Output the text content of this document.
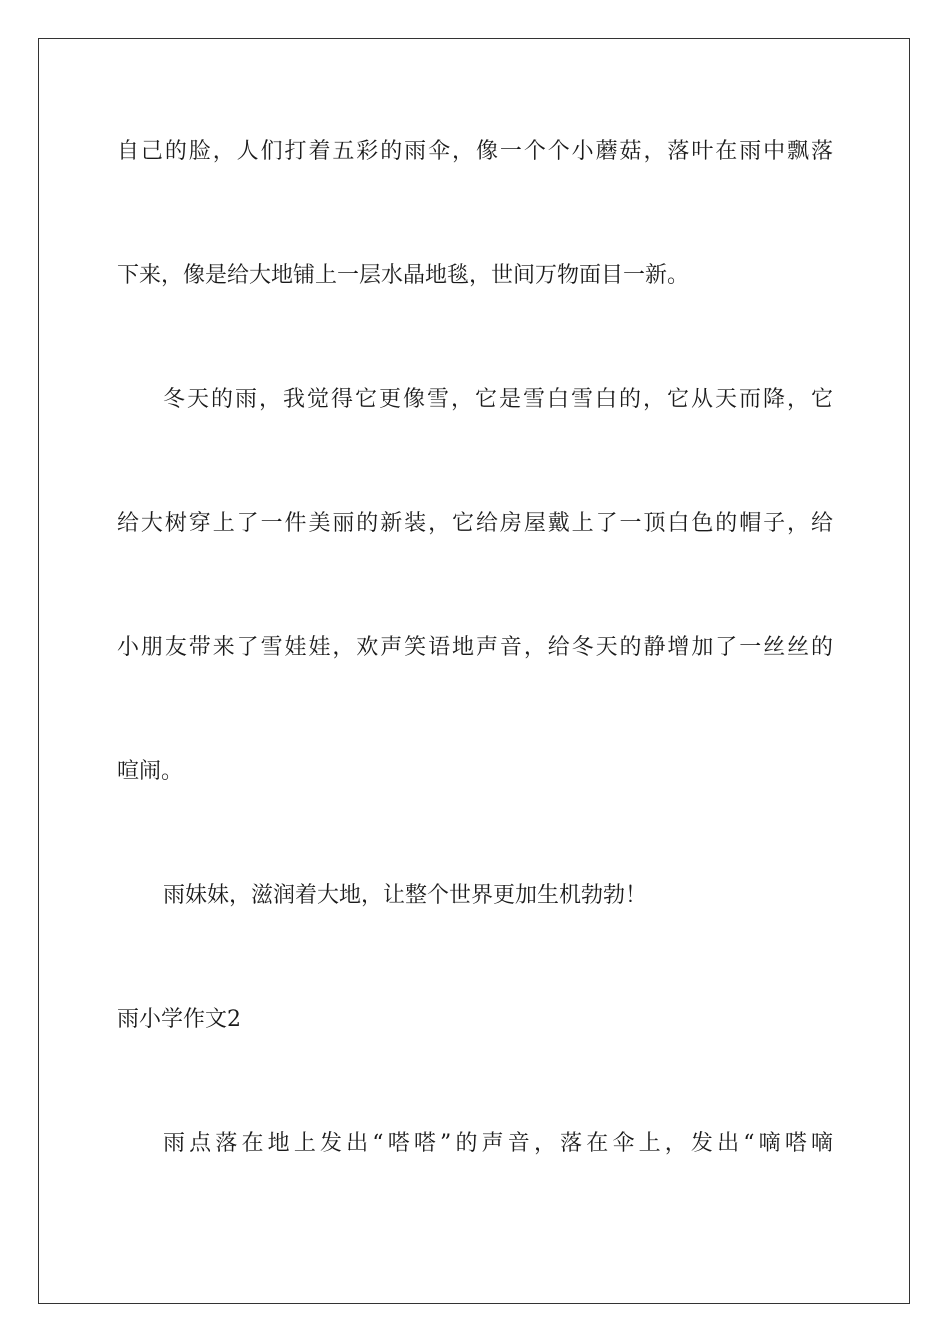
自己的脸，人们打着五彩的雨伞，像一个个小蘑菇，落叶在雨中飘落
下来，像是给大地铺上一层水晶地毯，世间万物面目一新。
冬天的雨，我觉得它更像雪，它是雪白雪白的，它从天而降，它
给大树穿上了一件美丽的新装，它给房屋戴上了一顶白色的帽子，给
小朋友带来了雪娃娃，欢声笑语地声音，给冬天的静增加了一丝丝的
喧闹。
雨妹妹，滋润着大地，让整个世界更加生机勃勃！
雨小学作文2
雨点落在地上发出“嗒嗒”的声音，落在伞上，发出“嘀嗒嘀
